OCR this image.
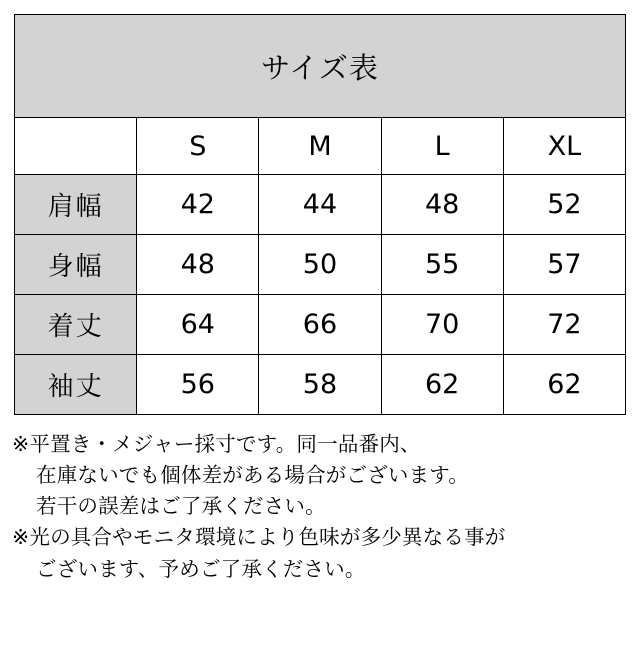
サイズ表				
	S	M	L	XL
肩幅	42	44	48	52
身幅	48	50	55	57
着丈	64	66	70	72
袖丈	56	58	62	62
※平置き・メジャー採寸です。同一品番内、
在庫ないでも個体差がある場合がございます。
若干の誤差はご了承ください。
※光の具合やモニタ環境により色味が多少異なる事が
ございます、予めご了承ください。
